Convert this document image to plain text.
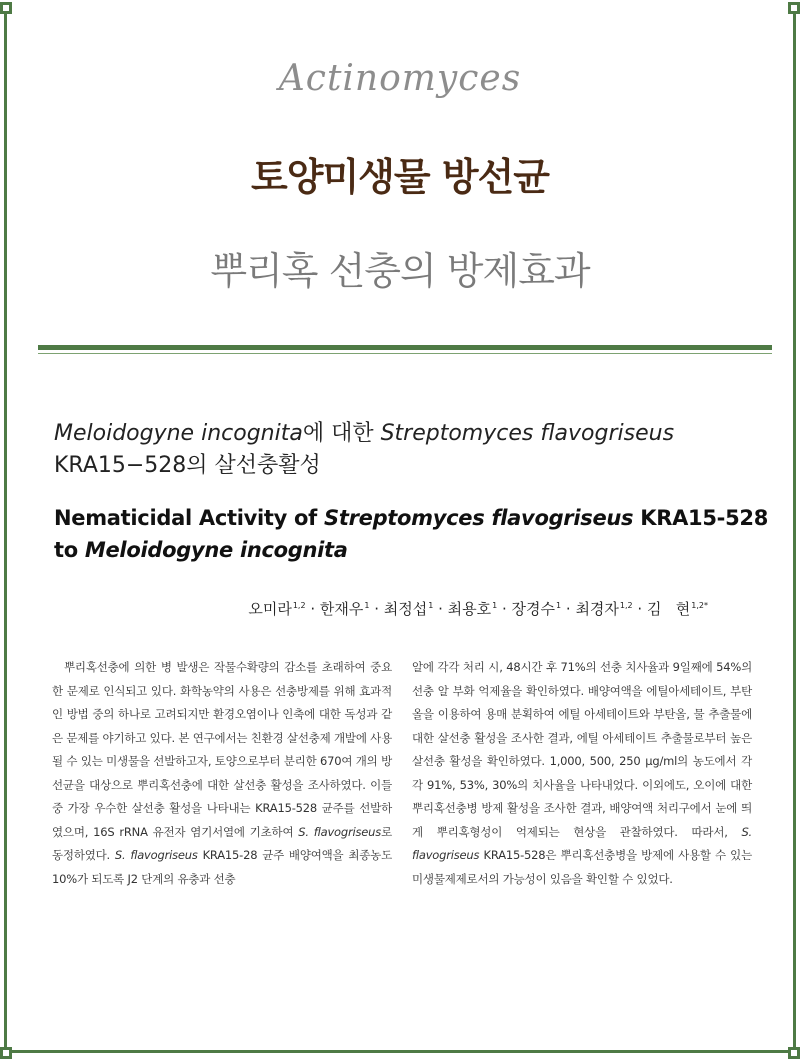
Actinomyces
토양미생물 방선균
뿌리혹 선충의 방제효과
Meloidogyne incognita에 대한 Streptomyces flavogriseus
KRA15−528의 살선충활성
Nematicidal Activity of Streptomyces flavogriseus KRA15-528
to Meloidogyne incognita
오미라$^{1,2}$ · 한재우$^1$ · 최정섭$^1$ · 최용호$^1$ · 장경수$^1$ · 최경자$^{1,2}$ · 김   현$^{1,2*}$
뿌리혹선충에 의한 병 발생은 작물수확량의 감소를 초래하여 중요한 문제로 인식되고 있다. 화학농약의 사용은 선충방제를 위해 효과적인 방법 중의 하나로 고려되지만 환경오염이나 인축에 대한 독성과 같은 문제를 야기하고 있다. 본 연구에서는 친환경 살선충제 개발에 사용될 수 있는 미생물을 선발하고자, 토양으로부터 분리한 670여 개의 방선균을 대상으로 뿌리혹선충에 대한 살선충 활성을 조사하였다. 이들 중 가장 우수한 살선충 활성을 나타내는 KRA15-528 균주를 선발하였으며, 16S rRNA 유전자 염기서열에 기초하여 S. flavogriseus로 동정하였다. S. flavogriseus KRA15-28 균주 배양여액을 최종농도 10%가 되도록 J2 단계의 유충과 선충
알에 각각 처리 시, 48시간 후 71%의 선충 치사율과 9일째에 54%의 선충 알 부화 억제율을 확인하였다. 배양여액을 에틸아세테이트, 부탄올을 이용하여 용매 분획하여 에틸 아세테이트와 부탄올, 물 추출물에 대한 살선충 활성을 조사한 결과, 에틸 아세테이트 추출물로부터 높은 살선충 활성을 확인하였다. 1,000, 500, 250 μg/ml의 농도에서 각각 91%, 53%, 30%의 치사율을 나타내었다. 이외에도, 오이에 대한 뿌리혹선충병 방제 활성을 조사한 결과, 배양여액 처리구에서 눈에 띄게 뿌리혹형성이 억제되는 현상을 관찰하였다. 따라서, S. flavogriseus KRA15-528은 뿌리혹선충병을 방제에 사용할 수 있는 미생물제제로서의 가능성이 있음을 확인할 수 있었다.
